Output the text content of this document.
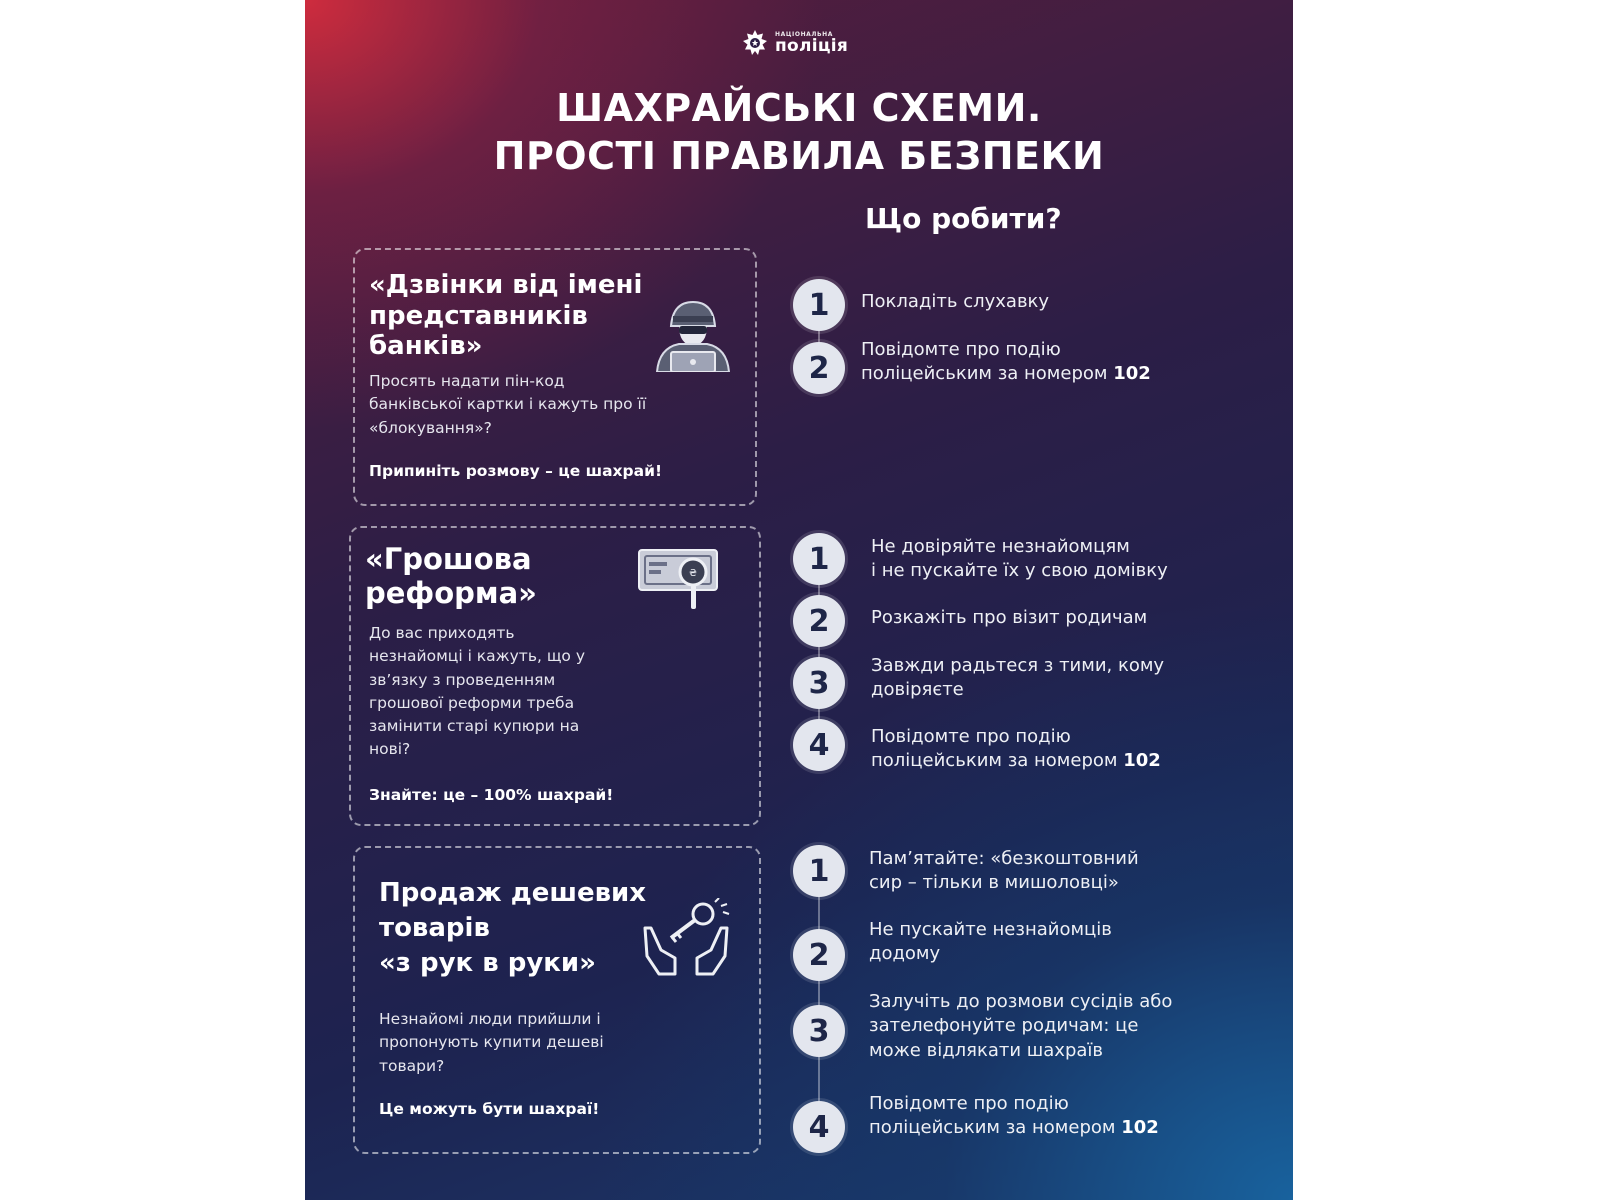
НАЦІОНАЛЬНА
поліція
ШАХРАЙСЬКІ СХЕМИ.
ПРОСТІ ПРАВИЛА БЕЗПЕКИ
Що робити?
«Дзвінки від імені
представників
банків»
Просять надати пін-код
банківської картки і кажуть про її
«блокування»?
Припиніть розмову – це шахрай!
«Грошова
реформа»
₴
До вас приходять
незнайомці і кажуть, що у
зв’язку з проведенням
грошової реформи треба
замінити старі купюри на
нові?
Знайте: це – 100% шахрай!
Продаж дешевих
товарів
«з рук в руки»
Незнайомі люди прийшли і
пропонують купити дешеві
товари?
Це можуть бути шахраї!
1	Покладіть слухавку
2
Повідомте про подію
поліцейським за номером 102
1	Не довіряйте незнайомцям
і не пускайте їх у свою домівку
2	Розкажіть про візит родичам
3	Завжди радьтеся з тими, кому
довіряєте
4	Повідомте про подію
поліцейським за номером 102
1	Пам’ятайте: «безкоштовний
сир – тільки в мишоловці»
2
Не пускайте незнайомців
додому
3
Залучіть до розмови сусідів або
зателефонуйте родичам: це
може відлякати шахраїв
4
Повідомте про подію
поліцейським за номером 102
